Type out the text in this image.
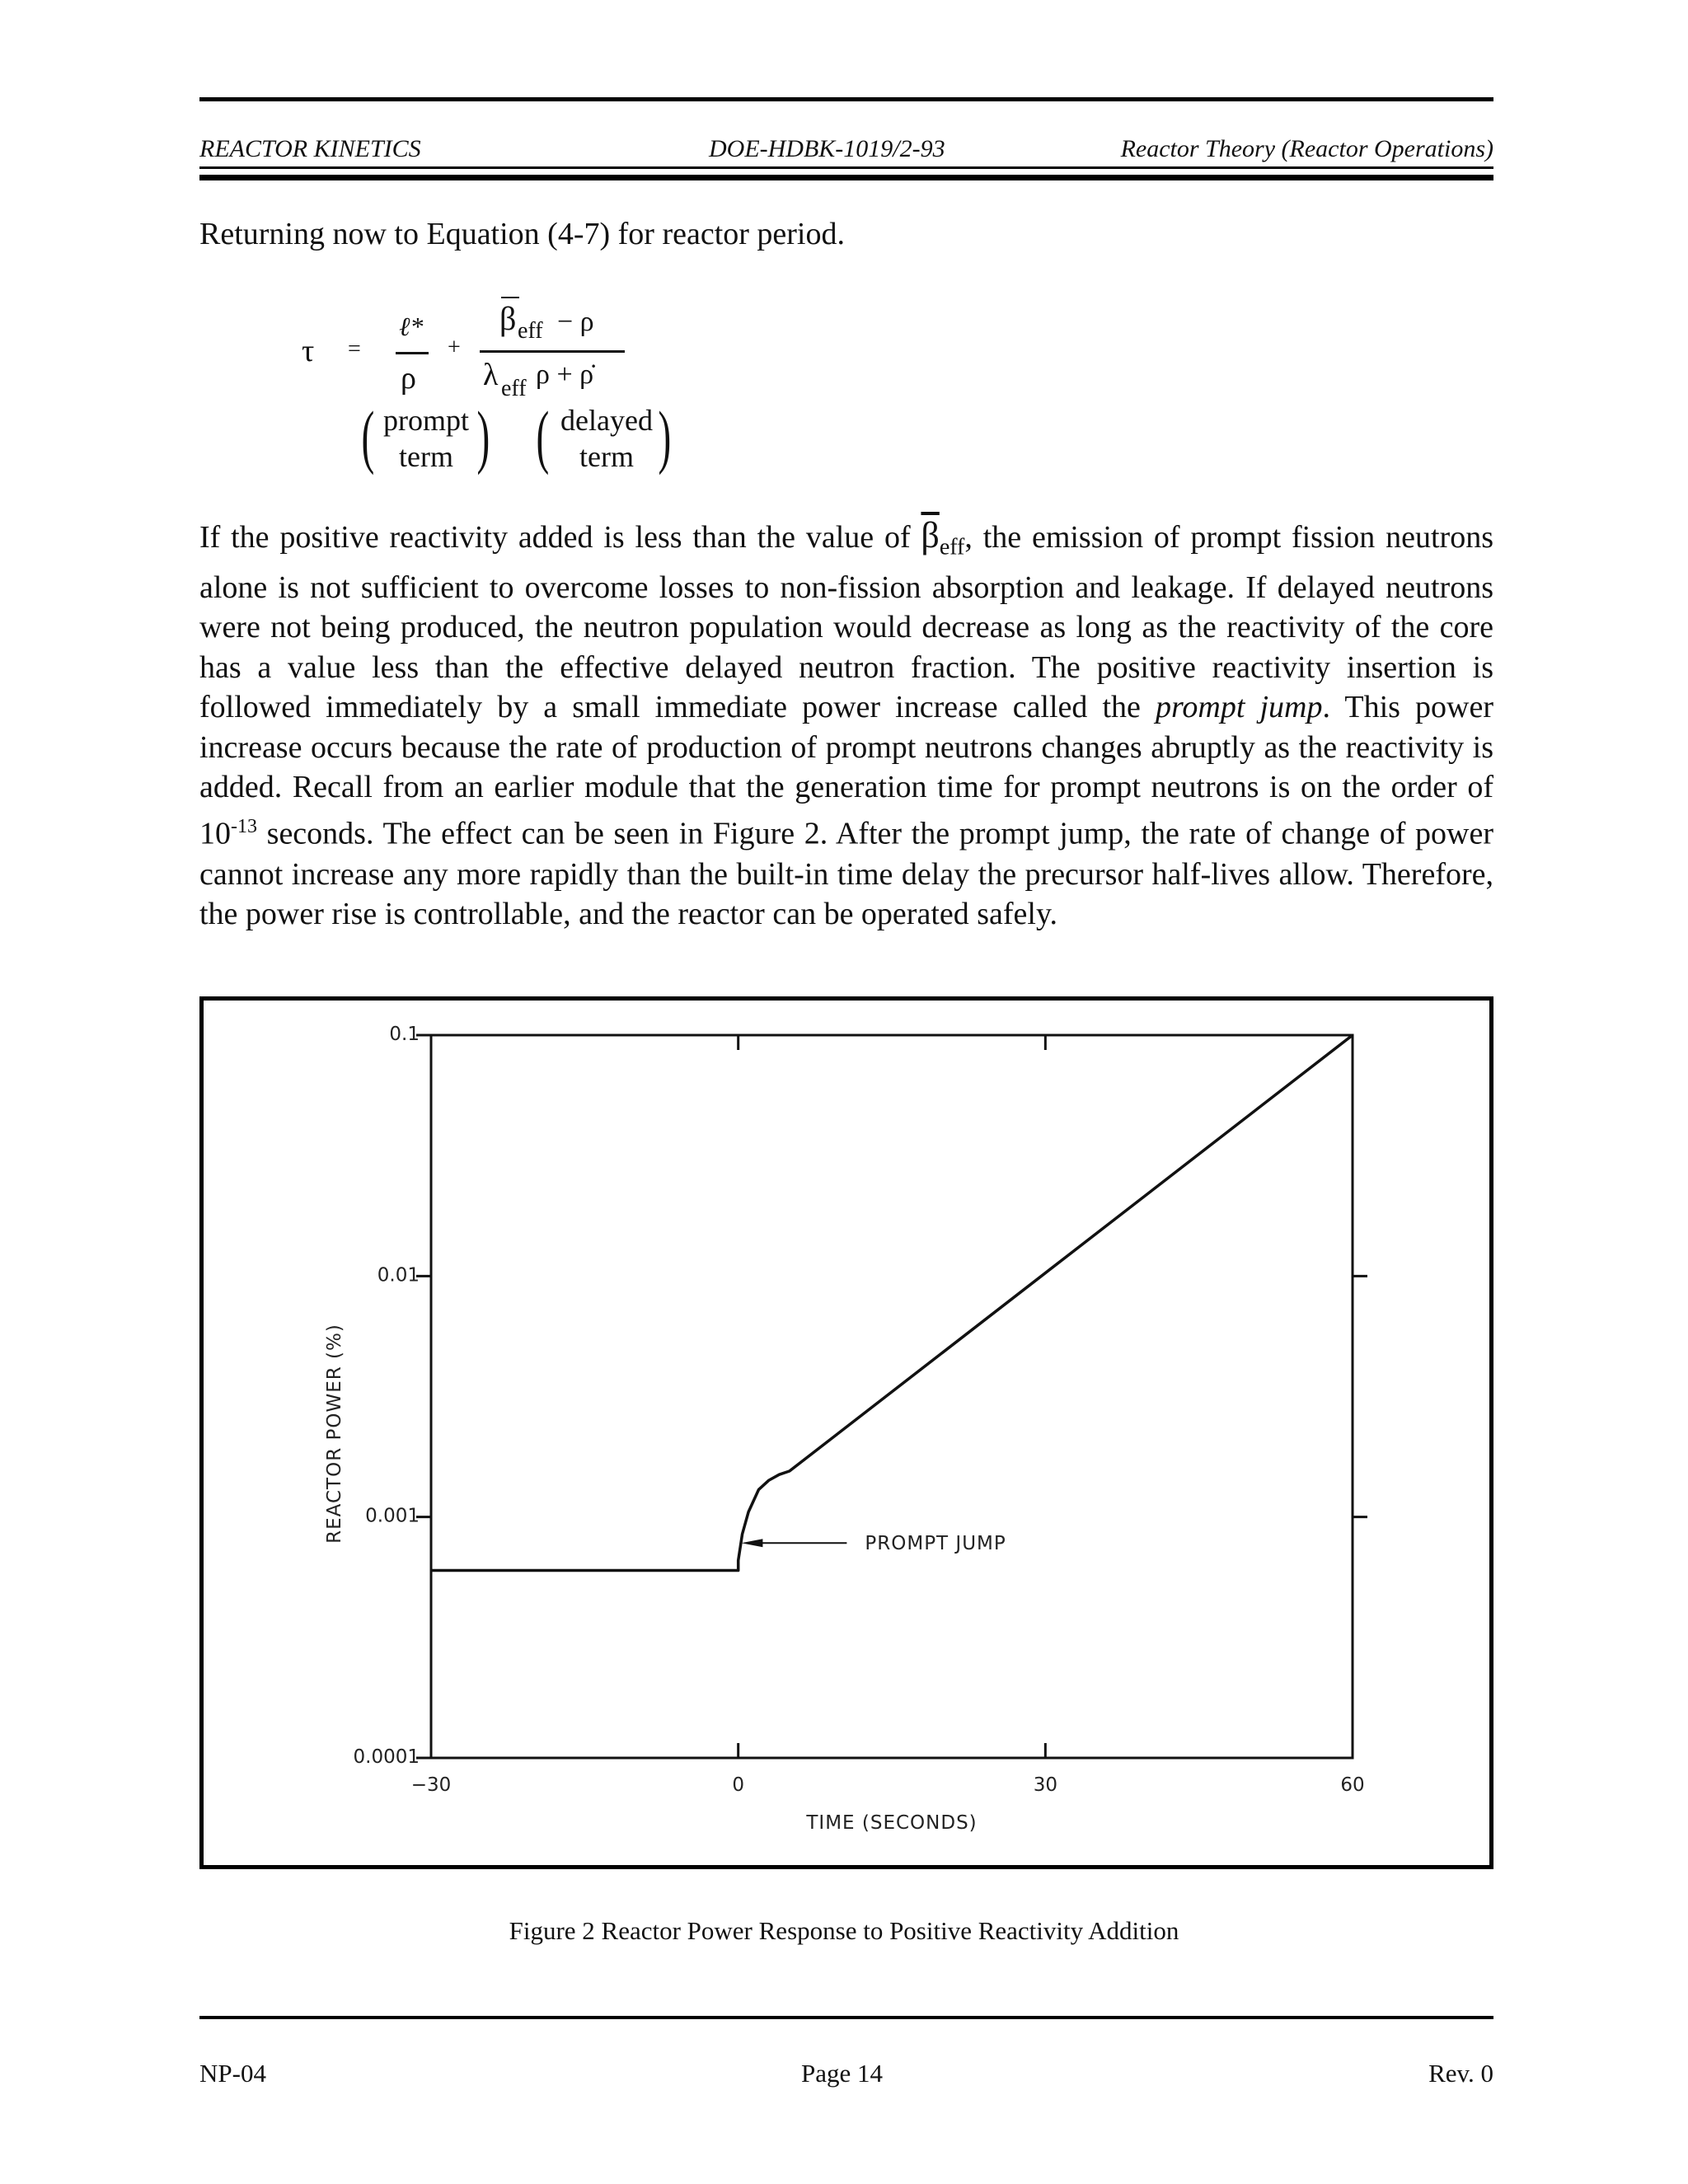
REACTOR KINETICS	DOE-HDBK-1019/2-93	Reactor Theory (Reactor Operations)
Returning now to Equation (4-7) for reactor period.
τ =
ℓ*
ρ
+
β eff − ρ
λ eff ρ + ρ̇
( prompt
term ) ( delayed
term )
If the positive reactivity added is less than the value of $\overline{\beta}_{eff}$, the emission of prompt fission neutrons alone is not sufficient to overcome losses to non-fission absorption and leakage. If delayed neutrons were not being produced, the neutron population would decrease as long as the reactivity of the core has a value less than the effective delayed neutron fraction. The positive reactivity insertion is followed immediately by a small immediate power increase called the prompt jump. This power increase occurs because the rate of production of prompt neutrons changes abruptly as the reactivity is added. Recall from an earlier module that the generation time for prompt neutrons is on the order of $10^{-13}$ seconds. The effect can be seen in Figure 2. After the prompt jump, the rate of change of power cannot increase any more rapidly than the built-in time delay the precursor half-lives allow. Therefore, the power rise is controllable, and the reactor can be operated safely.
0.0001
0.001
0.01
0.1
−30	0	30	60
TIME (SECONDS)
REACTOR POWER (%)
PROMPT JUMP
Figure 2 Reactor Power Response to Positive Reactivity Addition
NP-04	Page 14	Rev. 0
